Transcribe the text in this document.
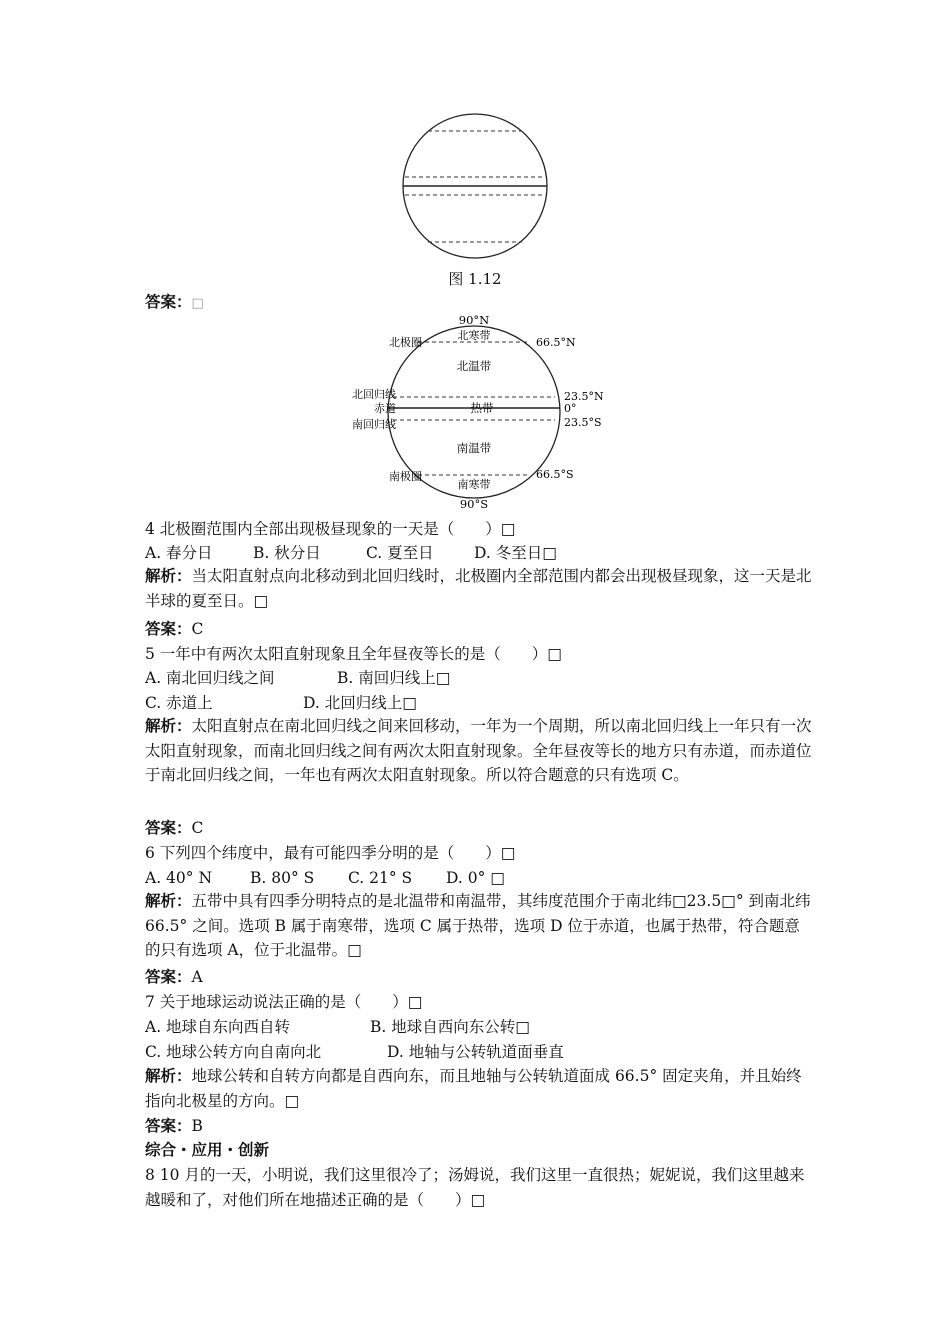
图 1.12
答案：□
90°N
90°S
北极圈
北回归线
赤道
南回归线
南极圈
66.5°N
23.5°N
0°
23.5°S
66.5°S
北寒带
北温带
热带
南温带
南寒带
4 北极圈范围内全部出现极昼现象的一天是（　　）□
A. 春分日	B. 秋分日	C. 夏至日	D. 冬至日□
解析：当太阳直射点向北移动到北回归线时，北极圈内全部范围内都会出现极昼现象，这一天是北半球的夏至日。□
答案：C
5 一年中有两次太阳直射现象且全年昼夜等长的是（　　）□
A. 南北回归线之间	B. 南回归线上□
C. 赤道上	D. 北回归线上□
解析：太阳直射点在南北回归线之间来回移动，一年为一个周期，所以南北回归线上一年只有一次太阳直射现象，而南北回归线之间有两次太阳直射现象。全年昼夜等长的地方只有赤道，而赤道位于南北回归线之间，一年也有两次太阳直射现象。所以符合题意的只有选项 C。
答案：C
6 下列四个纬度中，最有可能四季分明的是（　　）□
A. 40° N B. 80° S C. 21° S D. 0° □
解析：五带中具有四季分明特点的是北温带和南温带，其纬度范围介于南北纬□23.5□° 到南北纬 66.5° 之间。选项 B 属于南寒带，选项 C 属于热带，选项 D 位于赤道，也属于热带，符合题意的只有选项 A，位于北温带。□
答案：A
7 关于地球运动说法正确的是（　　）□
A. 地球自东向西自转	B. 地球自西向东公转□
C. 地球公转方向自南向北	D. 地轴与公转轨道面垂直
解析：地球公转和自转方向都是自西向东，而且地轴与公转轨道面成 66.5° 固定夹角，并且始终指向北极星的方向。□
答案：B
综合・应用・创新
8 10 月的一天，小明说，我们这里很冷了；汤姆说，我们这里一直很热；妮妮说，我们这里越来越暖和了，对他们所在地描述正确的是（　　）□
